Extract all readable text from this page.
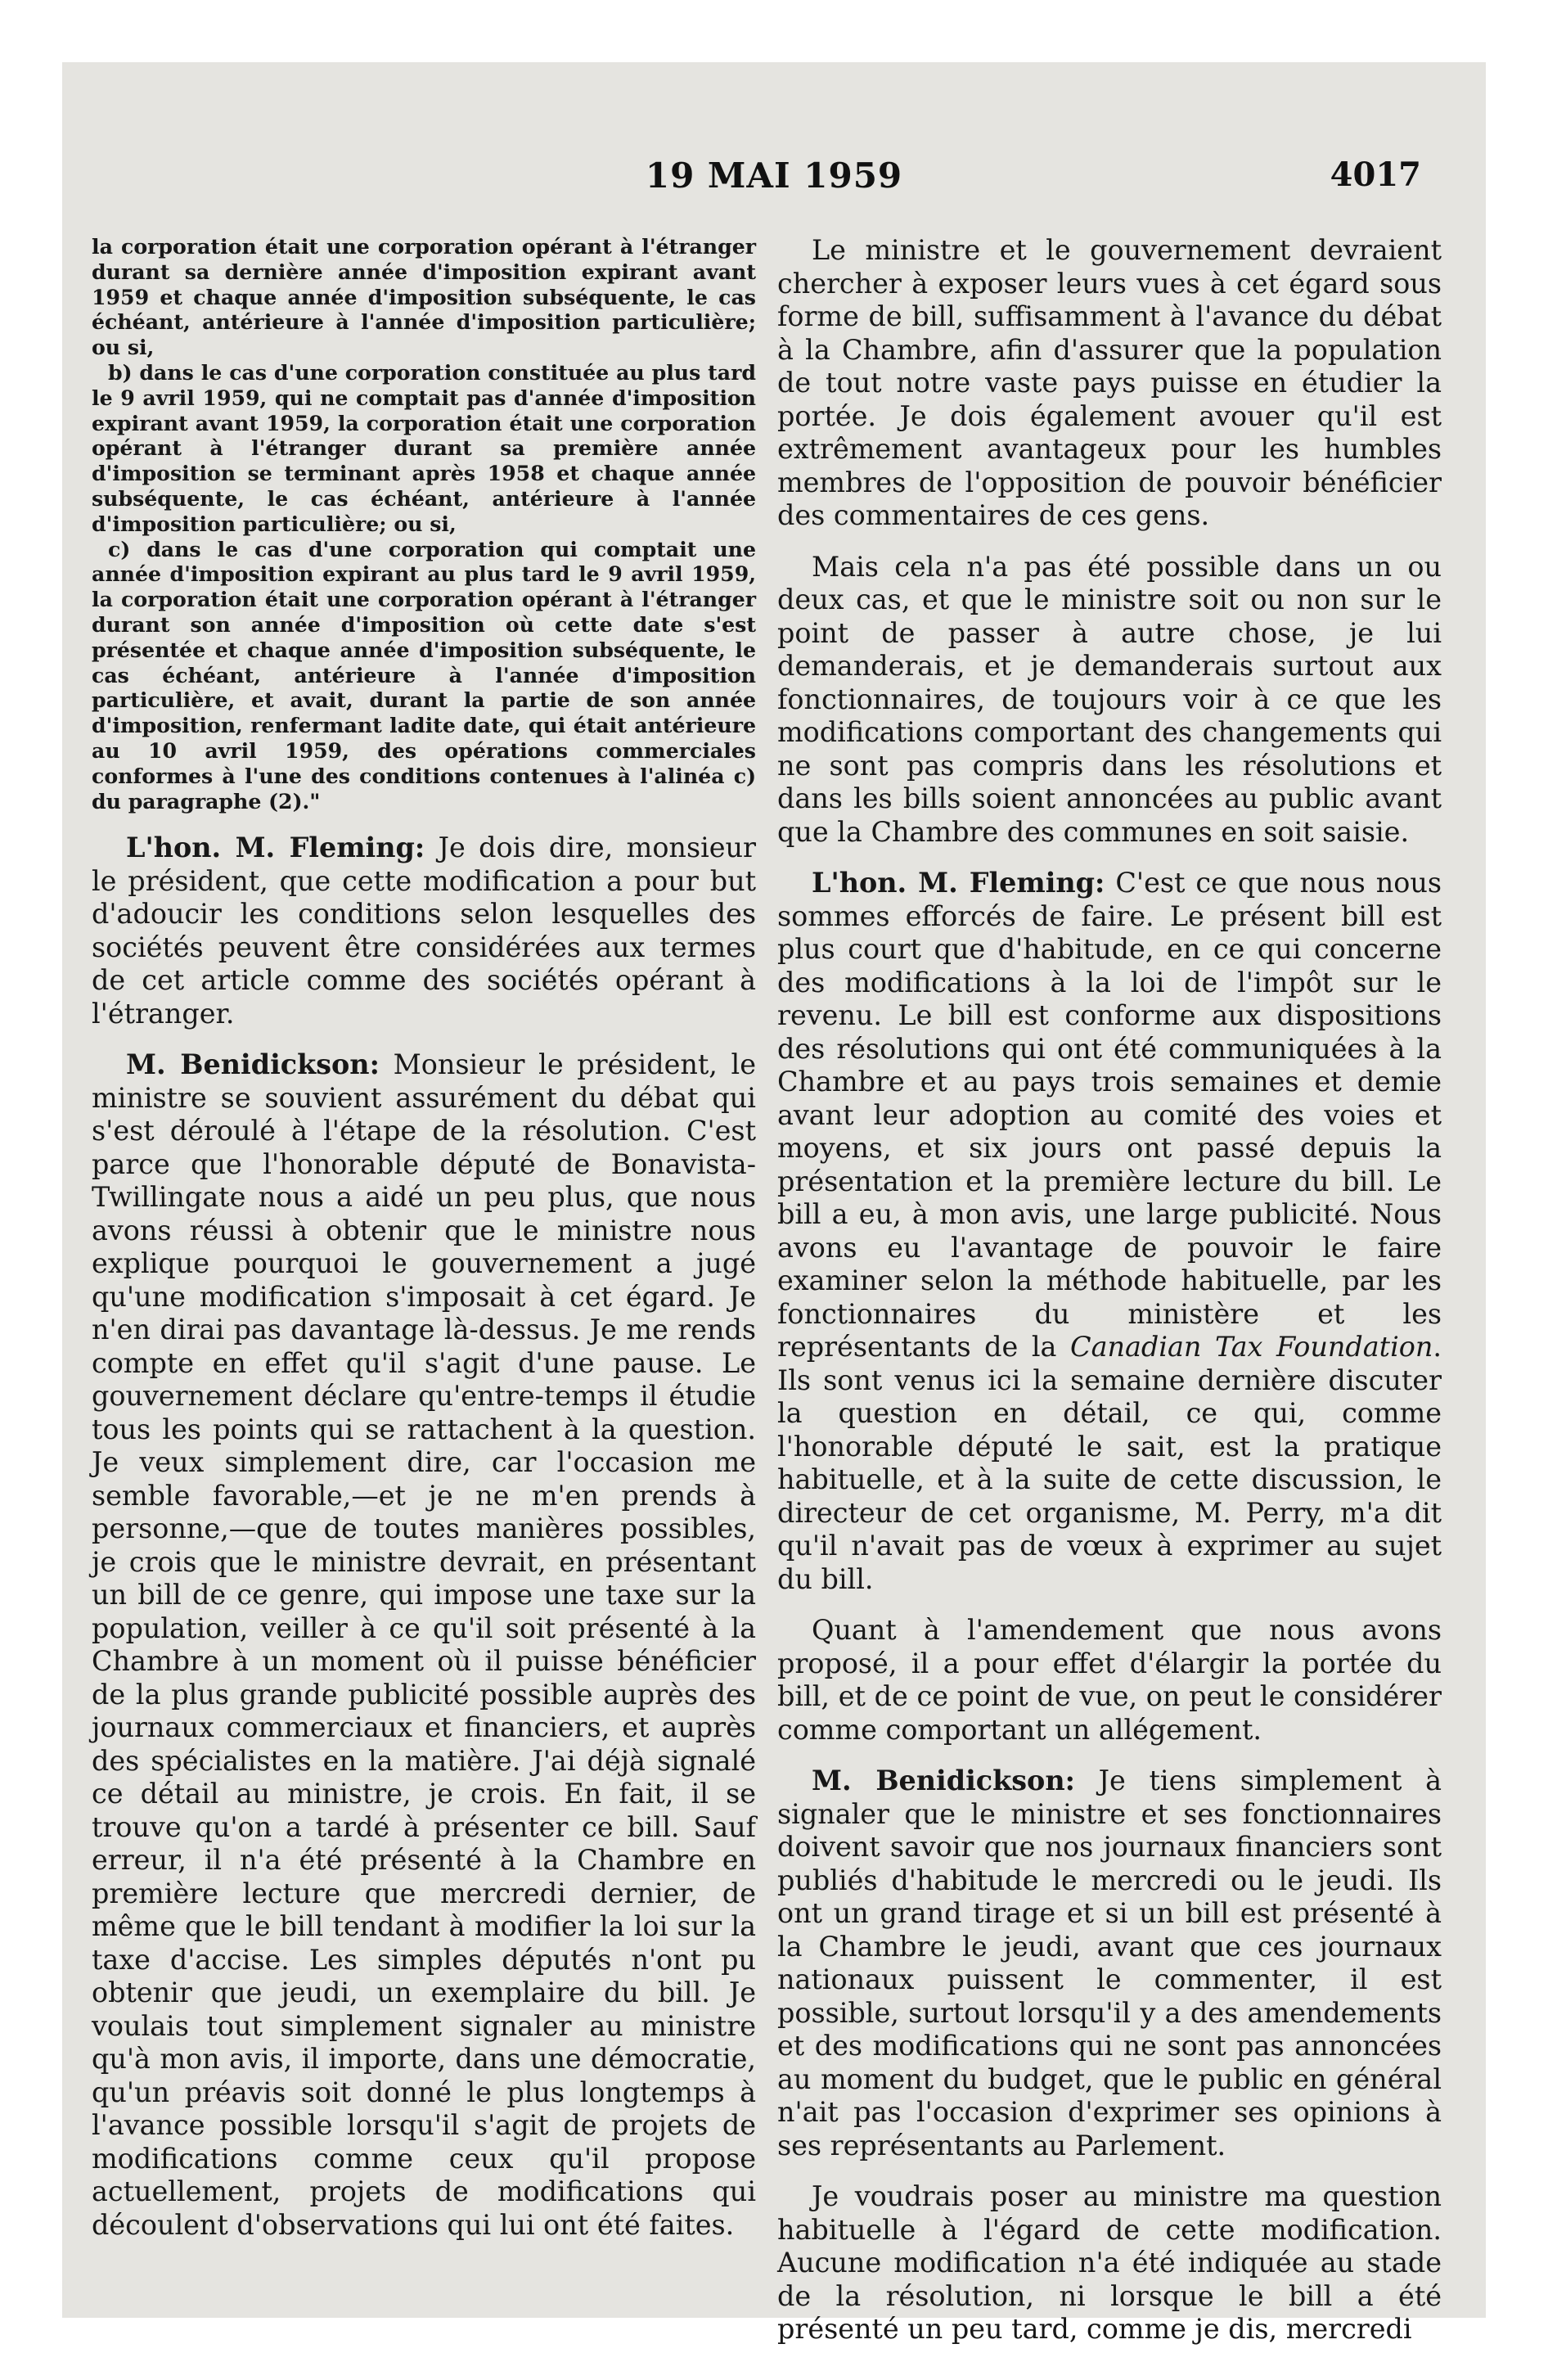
19 MAI 1959	4017

la corporation était une corporation opérant à l'étranger durant sa dernière année d'imposition expirant avant 1959 et chaque année d'imposition subséquente, le cas échéant, antérieure à l'année d'imposition particulière; ou si,

b) dans le cas d'une corporation constituée au plus tard le 9 avril 1959, qui ne comptait pas d'année d'imposition expirant avant 1959, la corporation était une corporation opérant à l'étranger durant sa première année d'imposition se terminant après 1958 et chaque année subséquente, le cas échéant, antérieure à l'année d'imposition particulière; ou si,

c) dans le cas d'une corporation qui comptait une année d'imposition expirant au plus tard le 9 avril 1959, la corporation était une corporation opérant à l'étranger durant son année d'imposition où cette date s'est présentée et chaque année d'imposition subséquente, le cas échéant, antérieure à l'année d'imposition particulière, et avait, durant la partie de son année d'imposition, renfermant ladite date, qui était antérieure au 10 avril 1959, des opérations commerciales conformes à l'une des conditions contenues à l'alinéa c) du paragraphe (2)."

L'hon. M. Fleming: Je dois dire, monsieur le président, que cette modification a pour but d'adoucir les conditions selon lesquelles des sociétés peuvent être considérées aux termes de cet article comme des sociétés opérant à l'étranger.

M. Benidickson: Monsieur le président, le ministre se souvient assurément du débat qui s'est déroulé à l'étape de la résolution. C'est parce que l'honorable député de Bonavista-Twillingate nous a aidé un peu plus, que nous avons réussi à obtenir que le ministre nous explique pourquoi le gouvernement a jugé qu'une modification s'imposait à cet égard. Je n'en dirai pas davantage là-dessus. Je me rends compte en effet qu'il s'agit d'une pause. Le gouvernement déclare qu'entre-temps il étudie tous les points qui se rattachent à la question. Je veux simplement dire, car l'occasion me semble favorable,—et je ne m'en prends à personne,—que de toutes manières possibles, je crois que le ministre devrait, en présentant un bill de ce genre, qui impose une taxe sur la population, veiller à ce qu'il soit présenté à la Chambre à un moment où il puisse bénéficier de la plus grande publicité possible auprès des journaux commerciaux et financiers, et auprès des spécialistes en la matière. J'ai déjà signalé ce détail au ministre, je crois. En fait, il se trouve qu'on a tardé à présenter ce bill. Sauf erreur, il n'a été présenté à la Chambre en première lecture que mercredi dernier, de même que le bill tendant à modifier la loi sur la taxe d'accise. Les simples députés n'ont pu obtenir que jeudi, un exemplaire du bill. Je voulais tout simplement signaler au ministre qu'à mon avis, il importe, dans une démocratie, qu'un préavis soit donné le plus longtemps à l'avance possible lorsqu'il s'agit de projets de modifications comme ceux qu'il propose actuellement, projets de modifications qui découlent d'observations qui lui ont été faites.

Le ministre et le gouvernement devraient chercher à exposer leurs vues à cet égard sous forme de bill, suffisamment à l'avance du débat à la Chambre, afin d'assurer que la population de tout notre vaste pays puisse en étudier la portée. Je dois également avouer qu'il est extrêmement avantageux pour les humbles membres de l'opposition de pouvoir bénéficier des commentaires de ces gens.

Mais cela n'a pas été possible dans un ou deux cas, et que le ministre soit ou non sur le point de passer à autre chose, je lui demanderais, et je demanderais surtout aux fonctionnaires, de toujours voir à ce que les modifications comportant des changements qui ne sont pas compris dans les résolutions et dans les bills soient annoncées au public avant que la Chambre des communes en soit saisie.

L'hon. M. Fleming: C'est ce que nous nous sommes efforcés de faire. Le présent bill est plus court que d'habitude, en ce qui concerne des modifications à la loi de l'impôt sur le revenu. Le bill est conforme aux dispositions des résolutions qui ont été communiquées à la Chambre et au pays trois semaines et demie avant leur adoption au comité des voies et moyens, et six jours ont passé depuis la présentation et la première lecture du bill. Le bill a eu, à mon avis, une large publicité. Nous avons eu l'avantage de pouvoir le faire examiner selon la méthode habituelle, par les fonctionnaires du ministère et les représentants de la Canadian Tax Foundation. Ils sont venus ici la semaine dernière discuter la question en détail, ce qui, comme l'honorable député le sait, est la pratique habituelle, et à la suite de cette discussion, le directeur de cet organisme, M. Perry, m'a dit qu'il n'avait pas de vœux à exprimer au sujet du bill.

Quant à l'amendement que nous avons proposé, il a pour effet d'élargir la portée du bill, et de ce point de vue, on peut le considérer comme comportant un allégement.

M. Benidickson: Je tiens simplement à signaler que le ministre et ses fonctionnaires doivent savoir que nos journaux financiers sont publiés d'habitude le mercredi ou le jeudi. Ils ont un grand tirage et si un bill est présenté à la Chambre le jeudi, avant que ces journaux nationaux puissent le commenter, il est possible, surtout lorsqu'il y a des amendements et des modifications qui ne sont pas annoncées au moment du budget, que le public en général n'ait pas l'occasion d'exprimer ses opinions à ses représentants au Parlement.

Je voudrais poser au ministre ma question habituelle à l'égard de cette modification. Aucune modification n'a été indiquée au stade de la résolution, ni lorsque le bill a été présenté un peu tard, comme je dis, mercredi
